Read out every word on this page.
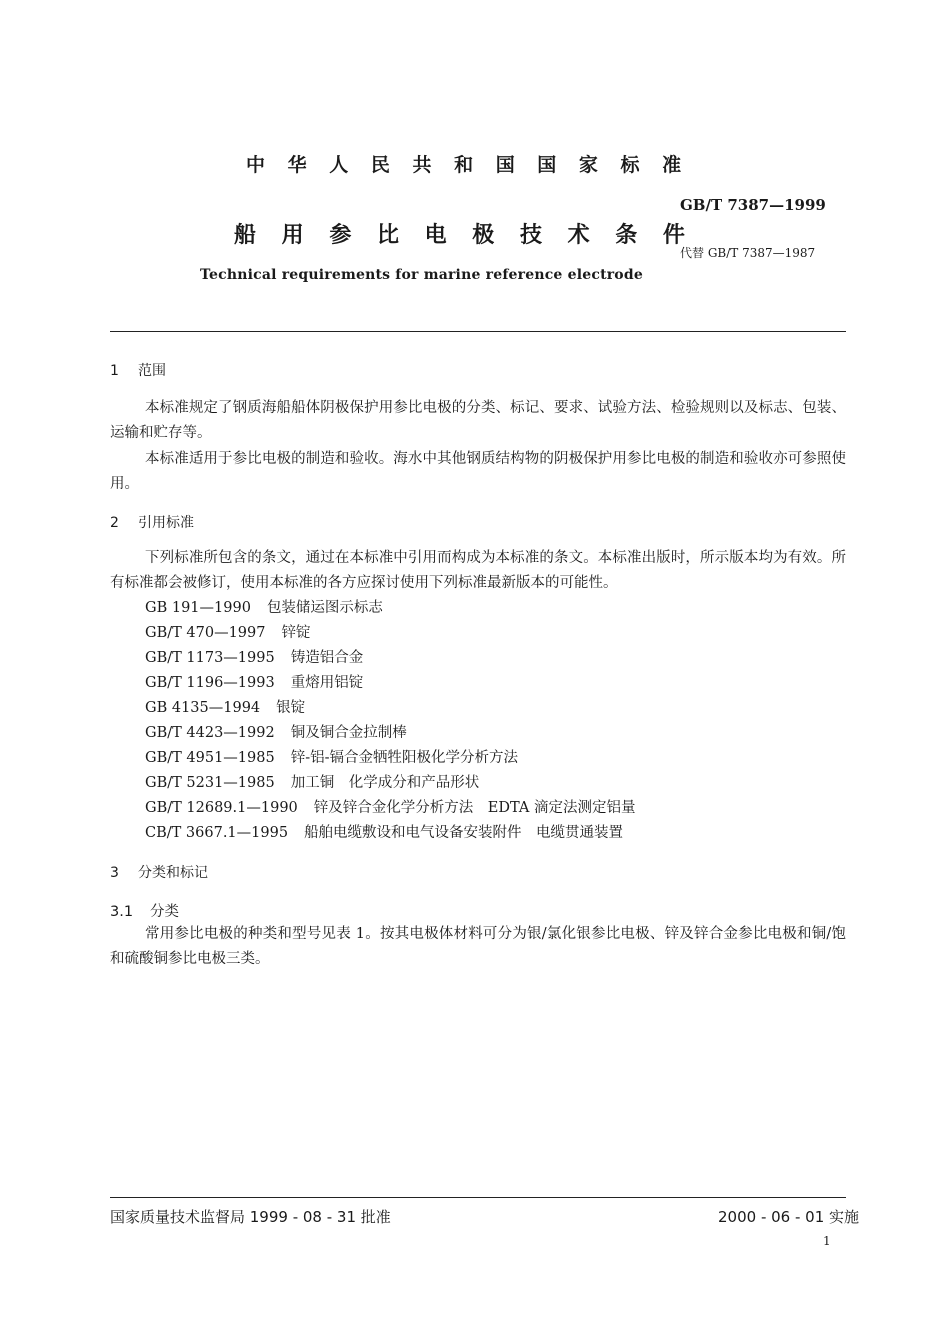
中 华 人 民 共 和 国 国 家 标 准
GB/T 7387—1999
船 用 参 比 电 极 技 术 条 件
代替 GB/T 7387—1987
Technical requirements for marine reference electrode
1 范围
本标准规定了钢质海船船体阴极保护用参比电极的分类、标记、要求、试验方法、检验规则以及标志、包装、运输和贮存等。
本标准适用于参比电极的制造和验收。海水中其他钢质结构物的阴极保护用参比电极的制造和验收亦可参照使用。
2 引用标准
下列标准所包含的条文，通过在本标准中引用而构成为本标准的条文。本标准出版时，所示版本均为有效。所有标准都会被修订，使用本标准的各方应探讨使用下列标准最新版本的可能性。
GB 191—1990 包装储运图示标志
GB/T 470—1997 锌锭
GB/T 1173—1995 铸造铝合金
GB/T 1196—1993 重熔用铝锭
GB 4135—1994 银锭
GB/T 4423—1992 铜及铜合金拉制棒
GB/T 4951—1985 锌-铝-镉合金牺牲阳极化学分析方法
GB/T 5231—1985 加工铜　化学成分和产品形状
GB/T 12689.1—1990 锌及锌合金化学分析方法　EDTA 滴定法测定铝量
CB/T 3667.1—1995 船舶电缆敷设和电气设备安装附件　电缆贯通装置
3 分类和标记
3.1 分类
常用参比电极的种类和型号见表 1。按其电极体材料可分为银/氯化银参比电极、锌及锌合金参比电极和铜/饱和硫酸铜参比电极三类。
国家质量技术监督局 1999 - 08 - 31 批准	2000 - 06 - 01 实施
1
